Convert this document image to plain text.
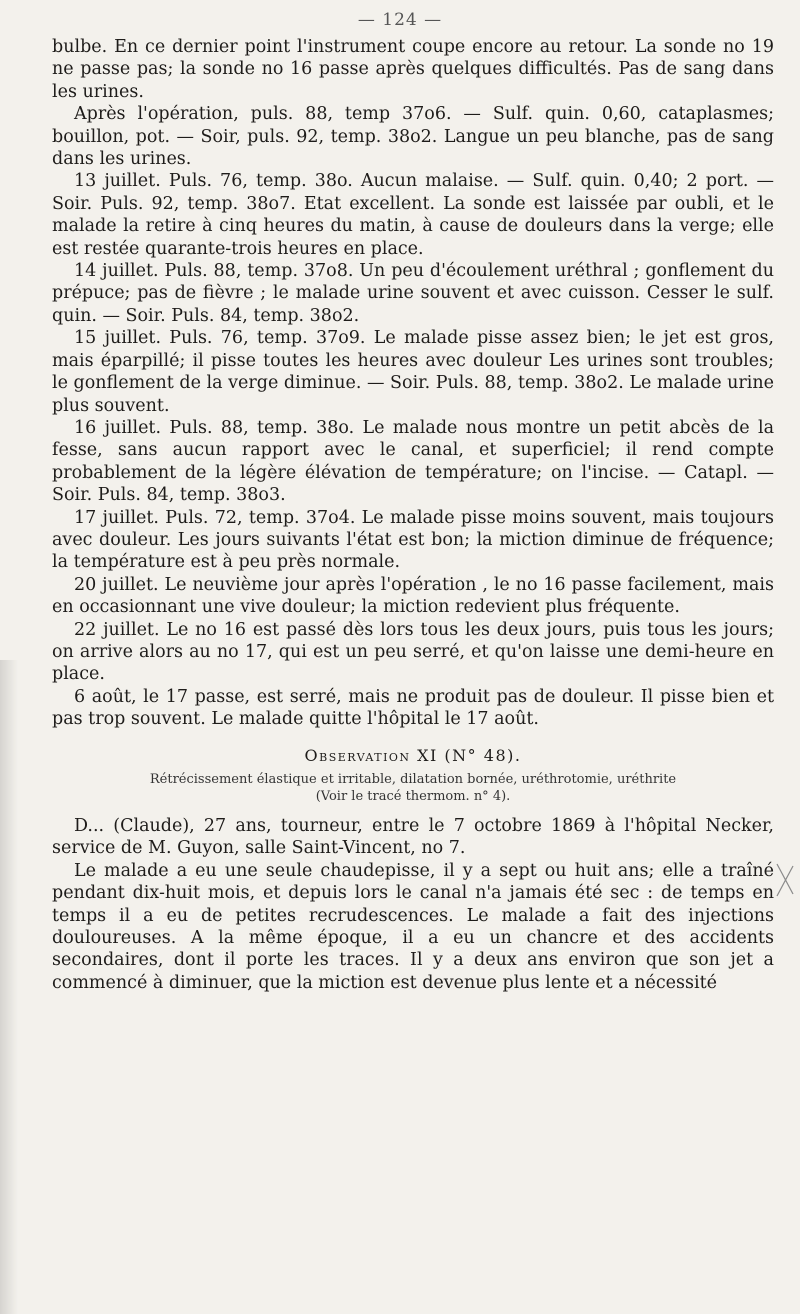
— 124 —

bulbe. En ce dernier point l'instrument coupe encore au retour. La sonde no 19 ne passe pas; la sonde no 16 passe après quelques difficultés. Pas de sang dans les urines.

Après l'opération, puls. 88, temp 37o6. — Sulf. quin. 0,60, cataplasmes; bouillon, pot. — Soir, puls. 92, temp. 38o2. Langue un peu blanche, pas de sang dans les urines.

13 juillet. Puls. 76, temp. 38o. Aucun malaise. — Sulf. quin. 0,40; 2 port. — Soir. Puls. 92, temp. 38o7. Etat excellent. La sonde est laissée par oubli, et le malade la retire à cinq heures du matin, à cause de douleurs dans la verge; elle est restée quarante-trois heures en place.

14 juillet. Puls. 88, temp. 37o8. Un peu d'écoulement uréthral ; gonflement du prépuce; pas de fièvre ; le malade urine souvent et avec cuisson. Cesser le sulf. quin. — Soir. Puls. 84, temp. 38o2.

15 juillet. Puls. 76, temp. 37o9. Le malade pisse assez bien; le jet est gros, mais éparpillé; il pisse toutes les heures avec douleur Les urines sont troubles; le gonflement de la verge diminue. — Soir. Puls. 88, temp. 38o2. Le malade urine plus souvent.

16 juillet. Puls. 88, temp. 38o. Le malade nous montre un petit abcès de la fesse, sans aucun rapport avec le canal, et superficiel; il rend compte probablement de la légère élévation de température; on l'incise. — Catapl. — Soir. Puls. 84, temp. 38o3.

17 juillet. Puls. 72, temp. 37o4. Le malade pisse moins souvent, mais toujours avec douleur. Les jours suivants l'état est bon; la miction diminue de fréquence; la température est à peu près normale.

20 juillet. Le neuvième jour après l'opération , le no 16 passe facilement, mais en occasionnant une vive douleur; la miction redevient plus fréquente.

22 juillet. Le no 16 est passé dès lors tous les deux jours, puis tous les jours; on arrive alors au no 17, qui est un peu serré, et qu'on laisse une demi-heure en place.

6 août, le 17 passe, est serré, mais ne produit pas de douleur. Il pisse bien et pas trop souvent. Le malade quitte l'hôpital le 17 août.

Observation XI (N° 48).
Rétrécissement élastique et irritable, dilatation bornée, uréthrotomie, uréthrite
(Voir le tracé thermom. n° 4).

D... (Claude), 27 ans, tourneur, entre le 7 octobre 1869 à l'hôpital Necker, service de M. Guyon, salle Saint-Vincent, no 7.

Le malade a eu une seule chaudepisse, il y a sept ou huit ans; elle a traîné pendant dix-huit mois, et depuis lors le canal n'a jamais été sec : de temps en temps il a eu de petites recrudescences. Le malade a fait des injections douloureuses. A la même époque, il a eu un chancre et des accidents secondaires, dont il porte les traces. Il y a deux ans environ que son jet a commencé à diminuer, que la miction est devenue plus lente et a nécessité
